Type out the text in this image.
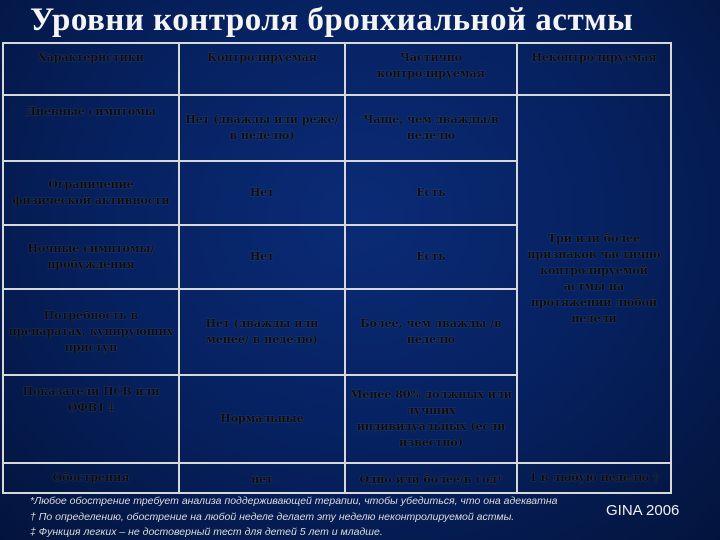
Уровни контроля бронхиальной астмы
Характеристики	Контролируемая	Частично контролируемая	Неконтролируемая
Дневные симптомы	Нет (дважды или реже/ в неделю)	Чаще, чем дважды/в неделю	Три или более признаков частично контролируемой астмы на протяжении любой недели
Ограничение физической активности	Нет	Есть	
Ночные симптомы/ пробуждения	Нет	Есть	
Потребность в препаратах, купирующих приступ	Нет (дважды или менее/ в неделю)	Более, чем дважды /в неделю	
Показатели ПСВ или ОФВ1 ‡	Нормальные	Менее 80% должных или лучших индивидуальных (если известно)	
Обострения	нет	Одно или более/в год*	1 в любую неделю †
*Любое обострение требует анализа поддерживающей терапии, чтобы убедиться, что она адекватна
† По определению, обострение на любой неделе делает эту неделю неконтролируемой астмы.
‡ Функция легких – не достоверный тест для детей 5 лет и младше.
GINA 2006
